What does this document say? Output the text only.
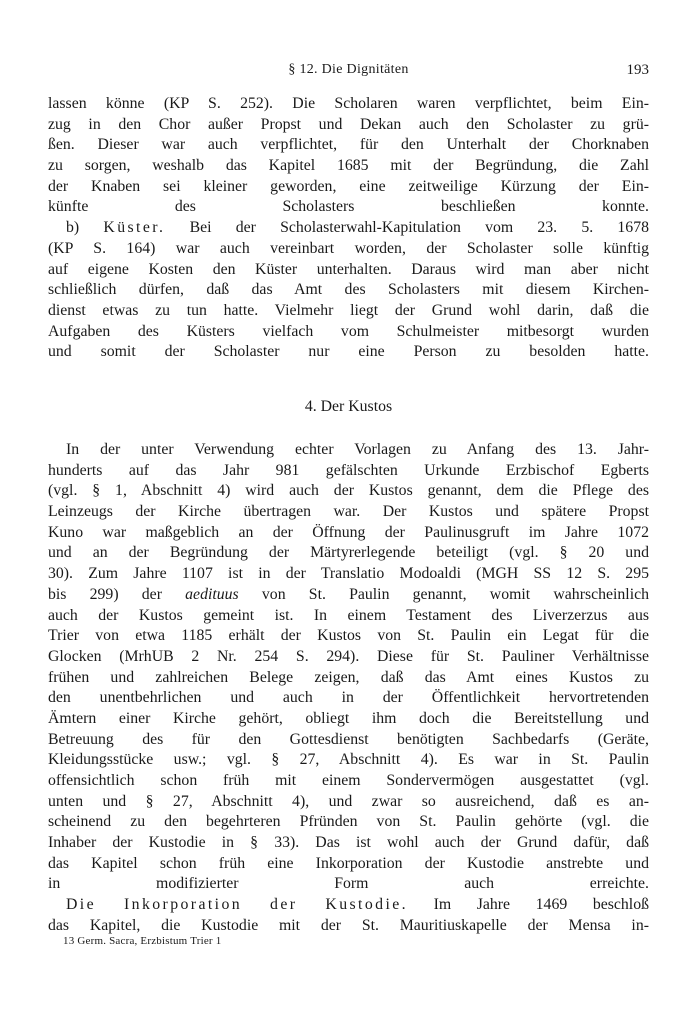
§ 12. Die Dignitäten	193
lassen könne (KP S. 252). Die Scholaren waren verpflichtet, beim Ein-
zug in den Chor außer Propst und Dekan auch den Scholaster zu grü-
ßen. Dieser war auch verpflichtet, für den Unterhalt der Chorknaben
zu sorgen, weshalb das Kapitel 1685 mit der Begründung, die Zahl
der Knaben sei kleiner geworden, eine zeitweilige Kürzung der Ein-
künfte des Scholasters beschließen konnte.
b) Küster. Bei der Scholasterwahl-Kapitulation vom 23. 5. 1678
(KP S. 164) war auch vereinbart worden, der Scholaster solle künftig
auf eigene Kosten den Küster unterhalten. Daraus wird man aber nicht
schließlich dürfen, daß das Amt des Scholasters mit diesem Kirchen-
dienst etwas zu tun hatte. Vielmehr liegt der Grund wohl darin, daß die
Aufgaben des Küsters vielfach vom Schulmeister mitbesorgt wurden
und somit der Scholaster nur eine Person zu besolden hatte.
4. Der Kustos
In der unter Verwendung echter Vorlagen zu Anfang des 13. Jahr-
hunderts auf das Jahr 981 gefälschten Urkunde Erzbischof Egberts
(vgl. § 1, Abschnitt 4) wird auch der Kustos genannt, dem die Pflege des
Leinzeugs der Kirche übertragen war. Der Kustos und spätere Propst
Kuno war maßgeblich an der Öffnung der Paulinusgruft im Jahre 1072
und an der Begründung der Märtyrerlegende beteiligt (vgl. § 20 und
30). Zum Jahre 1107 ist in der Translatio Modoaldi (MGH SS 12 S. 295
bis 299) der aedituus von St. Paulin genannt, womit wahrscheinlich
auch der Kustos gemeint ist. In einem Testament des Liverzerzus aus
Trier von etwa 1185 erhält der Kustos von St. Paulin ein Legat für die
Glocken (MrhUB 2 Nr. 254 S. 294). Diese für St. Pauliner Verhältnisse
frühen und zahlreichen Belege zeigen, daß das Amt eines Kustos zu
den unentbehrlichen und auch in der Öffentlichkeit hervortretenden
Ämtern einer Kirche gehört, obliegt ihm doch die Bereitstellung und
Betreuung des für den Gottesdienst benötigten Sachbedarfs (Geräte,
Kleidungsstücke usw.; vgl. § 27, Abschnitt 4). Es war in St. Paulin
offensichtlich schon früh mit einem Sondervermögen ausgestattet (vgl.
unten und § 27, Abschnitt 4), und zwar so ausreichend, daß es an-
scheinend zu den begehrteren Pfründen von St. Paulin gehörte (vgl. die
Inhaber der Kustodie in § 33). Das ist wohl auch der Grund dafür, daß
das Kapitel schon früh eine Inkorporation der Kustodie anstrebte und
in modifizierter Form auch erreichte.
Die Inkorporation der Kustodie. Im Jahre 1469 beschloß
das Kapitel, die Kustodie mit der St. Mauritiuskapelle der Mensa in-
13 Germ. Sacra, Erzbistum Trier 1
